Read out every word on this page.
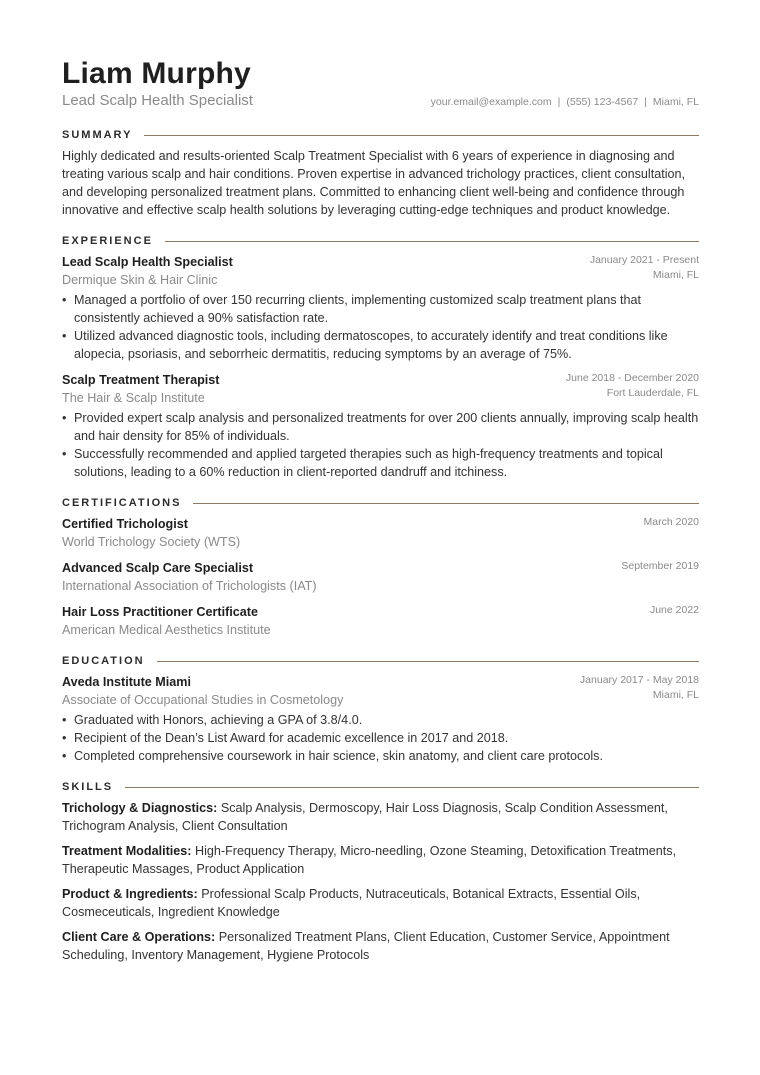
Liam Murphy
Lead Scalp Health Specialist	your.email@example.com | (555) 123-4567 | Miami, FL
SUMMARY

Highly dedicated and results-oriented Scalp Treatment Specialist with 6 years of experience in diagnosing and treating various scalp and hair conditions. Proven expertise in advanced trichology practices, client consultation, and developing personalized treatment plans. Committed to enhancing client well-being and confidence through innovative and effective scalp health solutions by leveraging cutting-edge techniques and product knowledge.

EXPERIENCE
Lead Scalp Health Specialist
Dermique Skin & Hair Clinic
January 2021 - Present
Miami, FL
• Managed a portfolio of over 150 recurring clients, implementing customized scalp treatment plans that consistently achieved a 90% satisfaction rate.
• Utilized advanced diagnostic tools, including dermatoscopes, to accurately identify and treat conditions like alopecia, psoriasis, and seborrheic dermatitis, reducing symptoms by an average of 75%.
Scalp Treatment Therapist
The Hair & Scalp Institute
June 2018 - December 2020
Fort Lauderdale, FL
• Provided expert scalp analysis and personalized treatments for over 200 clients annually, improving scalp health and hair density for 85% of individuals.
• Successfully recommended and applied targeted therapies such as high-frequency treatments and topical solutions, leading to a 60% reduction in client-reported dandruff and itchiness.
CERTIFICATIONS
Certified Trichologist
World Trichology Society (WTS)
March 2020
Advanced Scalp Care Specialist
International Association of Trichologists (IAT)
September 2019
Hair Loss Practitioner Certificate
American Medical Aesthetics Institute
June 2022
EDUCATION
Aveda Institute Miami
Associate of Occupational Studies in Cosmetology
January 2017 - May 2018
Miami, FL
• Graduated with Honors, achieving a GPA of 3.8/4.0.
• Recipient of the Dean’s List Award for academic excellence in 2017 and 2018.
• Completed comprehensive coursework in hair science, skin anatomy, and client care protocols.
SKILLS
Trichology & Diagnostics: Scalp Analysis, Dermoscopy, Hair Loss Diagnosis, Scalp Condition Assessment, Trichogram Analysis, Client Consultation
Treatment Modalities: High-Frequency Therapy, Micro-needling, Ozone Steaming, Detoxification Treatments, Therapeutic Massages, Product Application
Product & Ingredients: Professional Scalp Products, Nutraceuticals, Botanical Extracts, Essential Oils, Cosmeceuticals, Ingredient Knowledge
Client Care & Operations: Personalized Treatment Plans, Client Education, Customer Service, Appointment Scheduling, Inventory Management, Hygiene Protocols
